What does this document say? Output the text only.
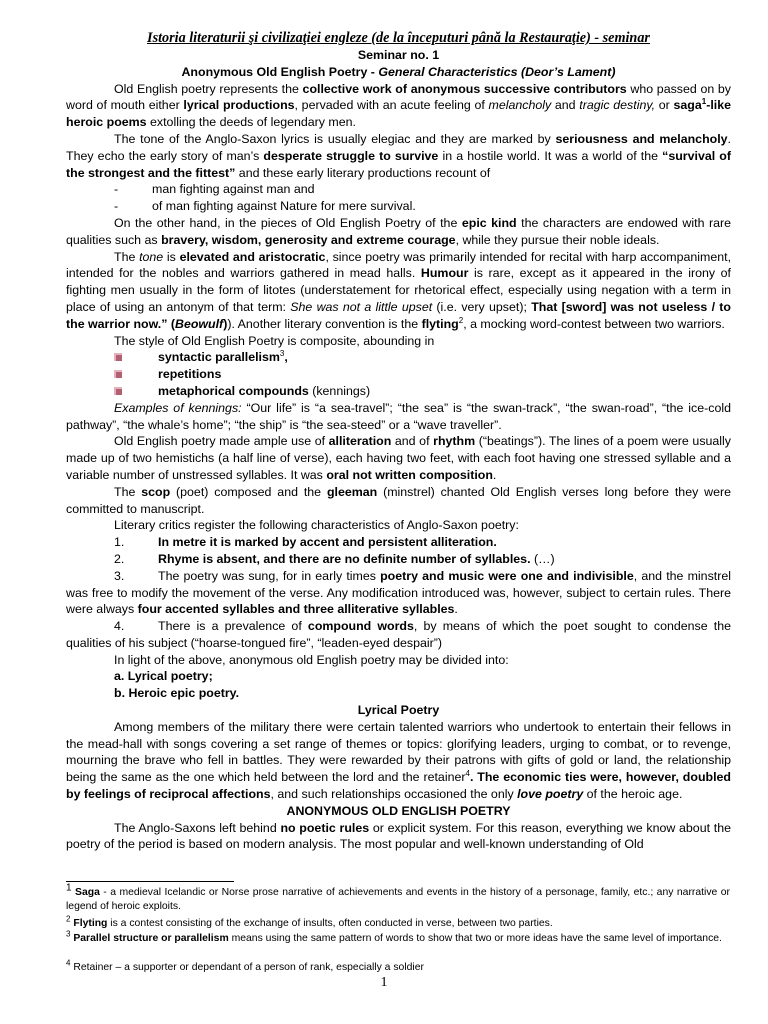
Istoria literaturii şi civilizaţiei engleze (de la începuturi până la Restauraţie) - seminar
Seminar no. 1
Anonymous Old English Poetry - General Characteristics (Deor’s Lament)

Old English poetry represents the collective work of anonymous successive contributors who passed on by word of mouth either lyrical productions, pervaded with an acute feeling of melancholy and tragic destiny, or saga$^1$-like heroic poems extolling the deeds of legendary men.

The tone of the Anglo-Saxon lyrics is usually elegiac and they are marked by seriousness and melancholy. They echo the early story of man’s desperate struggle to survive in a hostile world. It was a world of the “survival of the strongest and the fittest” and these early literary productions recount of

-	man fighting against man and
-	of man fighting against Nature for mere survival.

On the other hand, in the pieces of Old English Poetry of the epic kind the characters are endowed with rare qualities such as bravery, wisdom, generosity and extreme courage, while they pursue their noble ideals.

The tone is elevated and aristocratic, since poetry was primarily intended for recital with harp accompaniment, intended for the nobles and warriors gathered in mead halls. Humour is rare, except as it appeared in the irony of fighting men usually in the form of litotes (understatement for rhetorical effect, especially using negation with a term in place of using an antonym of that term: She was not a little upset (i.e. very upset); That [sword] was not useless / to the warrior now.” (Beowulf)). Another literary convention is the flyting$^2$, a mocking word-contest between two warriors.

The style of Old English Poetry is composite, abounding in

syntactic parallelism$^3$,
repetitions
metaphorical compounds (kennings)

Examples of kennings: “Our life” is “a sea-travel”; “the sea” is “the swan-track”, “the swan-road”, “the ice-cold pathway”, “the whale’s home”; “the ship” is “the sea-steed” or a “wave traveller”.

Old English poetry made ample use of alliteration and of rhythm (“beatings”). The lines of a poem were usually made up of two hemistichs (a half line of verse), each having two feet, with each foot having one stressed syllable and a variable number of unstressed syllables. It was oral not written composition.

The scop (poet) composed and the gleeman (minstrel) chanted Old English verses long before they were committed to manuscript.

Literary critics register the following characteristics of Anglo-Saxon poetry:

1.	In metre it is marked by accent and persistent alliteration.

2.	Rhyme is absent, and there are no definite number of syllables. (…)

3.	The poetry was sung, for in early times poetry and music were one and indivisible, and the minstrel was free to modify the movement of the verse. Any modification introduced was, however, subject to certain rules. There were always four accented syllables and three alliterative syllables.

4.	There is a prevalence of compound words, by means of which the poet sought to condense the qualities of his subject (“hoarse-tongued fire”, “leaden-eyed despair”)

In light of the above, anonymous old English poetry may be divided into:

a. Lyrical poetry;

b. Heroic epic poetry.

Lyrical Poetry

Among members of the military there were certain talented warriors who undertook to entertain their fellows in the mead-hall with songs covering a set range of themes or topics: glorifying leaders, urging to combat, or to revenge, mourning the brave who fell in battles. They were rewarded by their patrons with gifts of gold or land, the relationship being the same as the one which held between the lord and the retainer$^4$. The economic ties were, however, doubled by feelings of reciprocal affections, and such relationships occasioned the only love poetry of the heroic age.

ANONYMOUS OLD ENGLISH POETRY

The Anglo-Saxons left behind no poetic rules or explicit system. For this reason, everything we know about the poetry of the period is based on modern analysis. The most popular and well-known understanding of Old

$^1$ Saga - a medieval Icelandic or Norse prose narrative of achievements and events in the history of a personage, family, etc.; any narrative or legend of heroic exploits.
$^2$ Flyting is a contest consisting of the exchange of insults, often conducted in verse, between two parties.
$^3$ Parallel structure or parallelism means using the same pattern of words to show that two or more ideas have the same level of importance.
$^4$ Retainer – a supporter or dependant of a person of rank, especially a soldier
1
